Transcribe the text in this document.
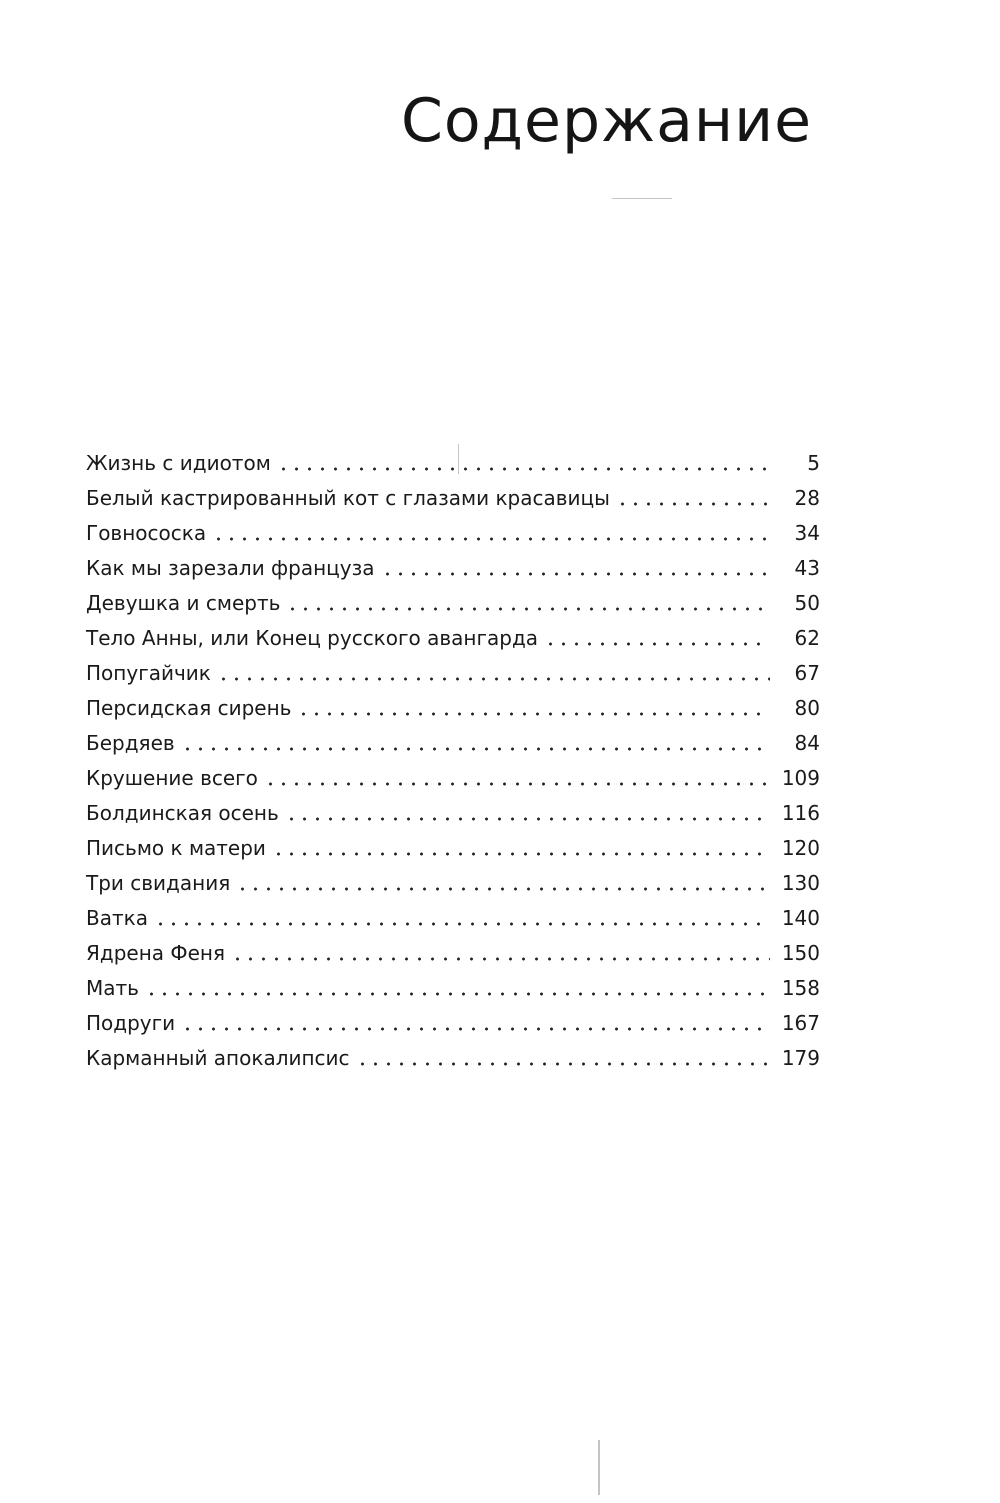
Содержание
Жизнь с идиотом	5
Белый кастрированный кот с глазами красавицы	28
Говнососка	34
Как мы зарезали француза	43
Девушка и смерть	50
Тело Анны, или Конец русского авангарда	62
Попугайчик	67
Персидская сирень	80
Бердяев	84
Крушение всего	109
Болдинская осень	116
Письмо к матери	120
Три свидания	130
Ватка	140
Ядрена Феня	150
Мать	158
Подруги	167
Карманный апокалипсис	179
